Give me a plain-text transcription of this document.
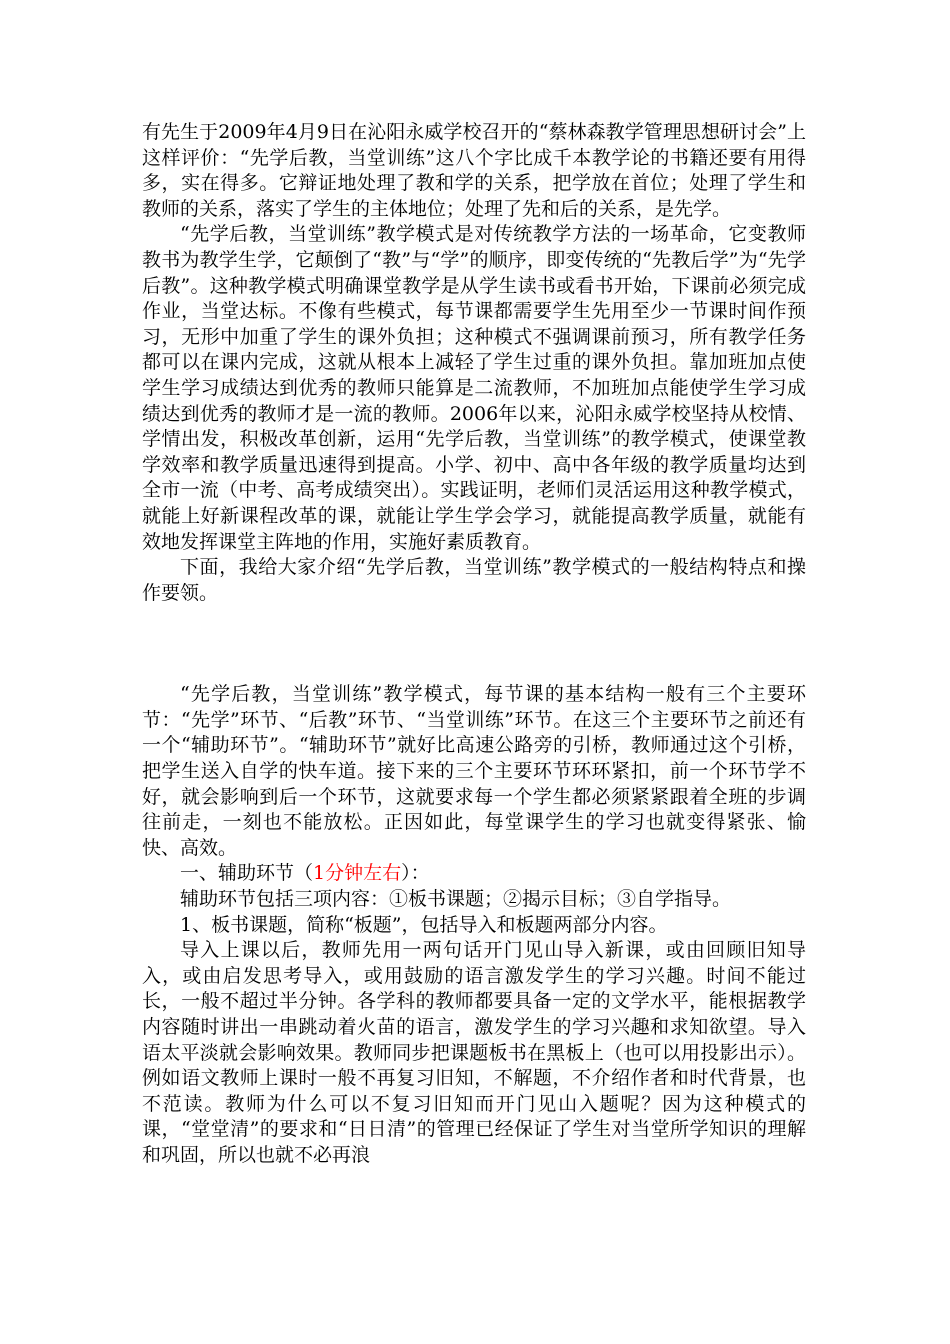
有先生于2009年4月9日在沁阳永威学校召开的“蔡林森教学管理思想研讨会”上这样评价：“先学后教，当堂训练”这八个字比成千本教学论的书籍还要有用得多，实在得多。它辩证地处理了教和学的关系，把学放在首位；处理了学生和教师的关系，落实了学生的主体地位；处理了先和后的关系，是先学。

“先学后教，当堂训练”教学模式是对传统教学方法的一场革命，它变教师教书为教学生学，它颠倒了“教”与“学”的顺序，即变传统的“先教后学”为“先学后教”。这种教学模式明确课堂教学是从学生读书或看书开始，下课前必须完成作业，当堂达标。不像有些模式，每节课都需要学生先用至少一节课时间作预习，无形中加重了学生的课外负担；这种模式不强调课前预习，所有教学任务都可以在课内完成，这就从根本上减轻了学生过重的课外负担。靠加班加点使学生学习成绩达到优秀的教师只能算是二流教师，不加班加点能使学生学习成绩达到优秀的教师才是一流的教师。2006年以来，沁阳永威学校坚持从校情、学情出发，积极改革创新，运用“先学后教，当堂训练”的教学模式，使课堂教学效率和教学质量迅速得到提高。小学、初中、高中各年级的教学质量均达到全市一流（中考、高考成绩突出）。实践证明，老师们灵活运用这种教学模式，就能上好新课程改革的课，就能让学生学会学习，就能提高教学质量，就能有效地发挥课堂主阵地的作用，实施好素质教育。

下面，我给大家介绍“先学后教，当堂训练”教学模式的一般结构特点和操作要领。

“先学后教，当堂训练”教学模式，每节课的基本结构一般有三个主要环节：“先学”环节、“后教”环节、“当堂训练”环节。在这三个主要环节之前还有一个“辅助环节”。“辅助环节”就好比高速公路旁的引桥，教师通过这个引桥，把学生送入自学的快车道。接下来的三个主要环节环环紧扣，前一个环节学不好，就会影响到后一个环节，这就要求每一个学生都必须紧紧跟着全班的步调往前走，一刻也不能放松。正因如此，每堂课学生的学习也就变得紧张、愉快、高效。

一、辅助环节（1分钟左右）：

辅助环节包括三项内容：①板书课题；②揭示目标；③自学指导。

1、板书课题，简称“板题”，包括导入和板题两部分内容。

导入上课以后，教师先用一两句话开门见山导入新课，或由回顾旧知导入，或由启发思考导入，或用鼓励的语言激发学生的学习兴趣。时间不能过长，一般不超过半分钟。各学科的教师都要具备一定的文学水平，能根据教学内容随时讲出一串跳动着火苗的语言，激发学生的学习兴趣和求知欲望。导入语太平淡就会影响效果。教师同步把课题板书在黑板上（也可以用投影出示）。例如语文教师上课时一般不再复习旧知，不解题，不介绍作者和时代背景，也不范读。教师为什么可以不复习旧知而开门见山入题呢？因为这种模式的课，“堂堂清”的要求和“日日清”的管理已经保证了学生对当堂所学知识的理解和巩固，所以也就不必再浪
